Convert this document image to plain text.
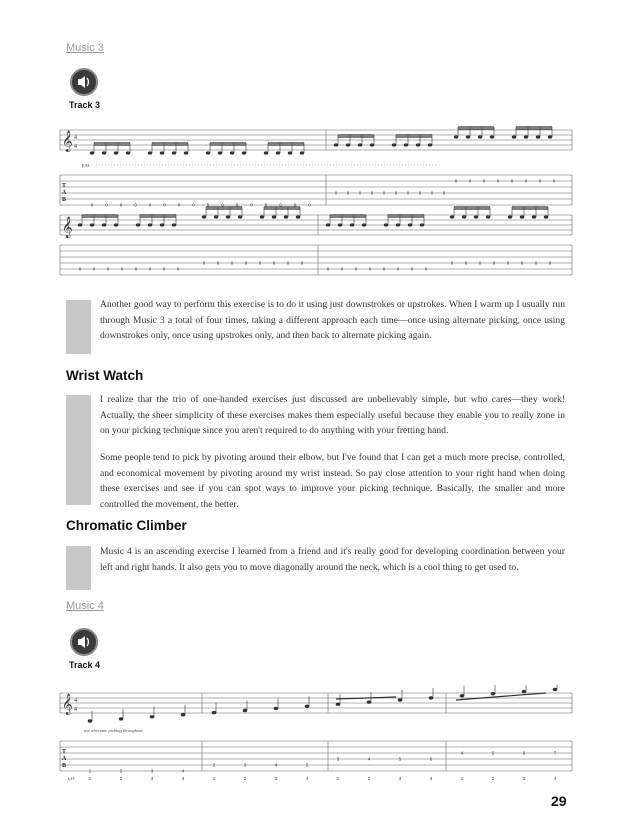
Music 3
Track 3
𝄞 4
4
P.M.
T
A
B
0	0	0	0	0	0	0	0	0	0	0	0	0	0	0	0
0 0 0 0 0 0 0 0 0 0
0	0	0	0	0	0	0	0
𝄞
0	0	0	0	0	0	0	0
0	0	0	0	0	0	0	0
0	0	0	0	0	0	0	0
0	0	0	0	0	0	0	0
Another good way to perform this exercise is to do it using just downstrokes or upstrokes. When I warm up I usually run through Music 3 a total of four times, taking a different approach each time—once using alternate picking, once using downstrokes only, once using upstrokes only, and then back to alternate picking again.
Wrist Watch
I realize that the trio of one-handed exercises just discussed are unbelievably simple, but who cares—they work! Actually, the sheer simplicity of these exercises makes them especially useful because they enable you to really zone in on your picking technique since you aren't required to do anything with your fretting hand.
Some people tend to pick by pivoting around their elbow, but I've found that I can get a much more precise, controlled, and economical movement by pivoting around my wrist instead. So pay close attention to your right hand when doing these exercises and see if you can spot ways to improve your picking technique. Basically, the smaller and more controlled the movement, the better.
Chromatic Climber
Music 4 is an ascending exercise I learned from a friend and it's really good for developing coordination between your left and right hands. It also gets you to move diagonally around the neck, which is a cool thing to get used to.
Music 4
Track 4
𝄞 4
4
use alternate picking throughout
T
A
B
1	2	3	4
2	3	4	5
3	4	5	6
4	5	6	7
LH:	1	2	3	4	1	2	3	4	1	2	3	4	1	2	3	4
29
